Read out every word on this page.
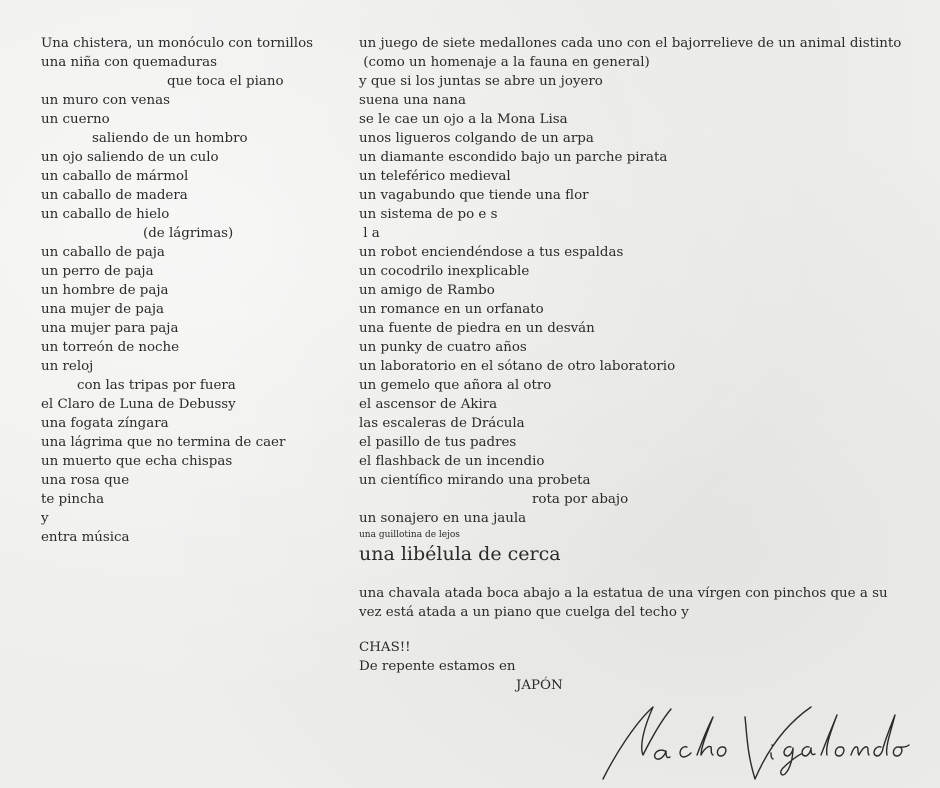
Una chistera, un monóculo con tornillos
una niña con quemaduras
que toca el piano
un muro con venas
un cuerno
saliendo de un hombro
un ojo saliendo de un culo
un caballo de mármol
un caballo de madera
un caballo de hielo
(de lágrimas)
un caballo de paja
un perro de paja
un hombre de paja
una mujer de paja
una mujer para paja
un torreón de noche
un reloj
con las tripas por fuera
el Claro de Luna de Debussy
una fogata zíngara
una lágrima que no termina de caer
un muerto que echa chispas
una rosa que
te pincha
y
entra música
un juego de siete medallones cada uno con el bajorrelieve de un animal distinto
(como un homenaje a la fauna en general)
y que si los juntas se abre un joyero
suena una nana
se le cae un ojo a la Mona Lisa
unos ligueros colgando de un arpa
un diamante escondido bajo un parche pirata
un teleférico medieval
un vagabundo que tiende una flor
un sistema de po e s
l a
un robot enciendéndose a tus espaldas
un cocodrilo inexplicable
un amigo de Rambo
un romance en un orfanato
una fuente de piedra en un desván
un punky de cuatro años
un laboratorio en el sótano de otro laboratorio
un gemelo que añora al otro
el ascensor de Akira
las escaleras de Drácula
el pasillo de tus padres
el flashback de un incendio
un científico mirando una probeta
rota por abajo
un sonajero en una jaula
una guillotina de lejos
una libélula de cerca
una chavala atada boca abajo a la estatua de una vírgen con pinchos que a su vez está atada a un piano que cuelga del techo y
CHAS!!
De repente estamos en
JAPÓN
